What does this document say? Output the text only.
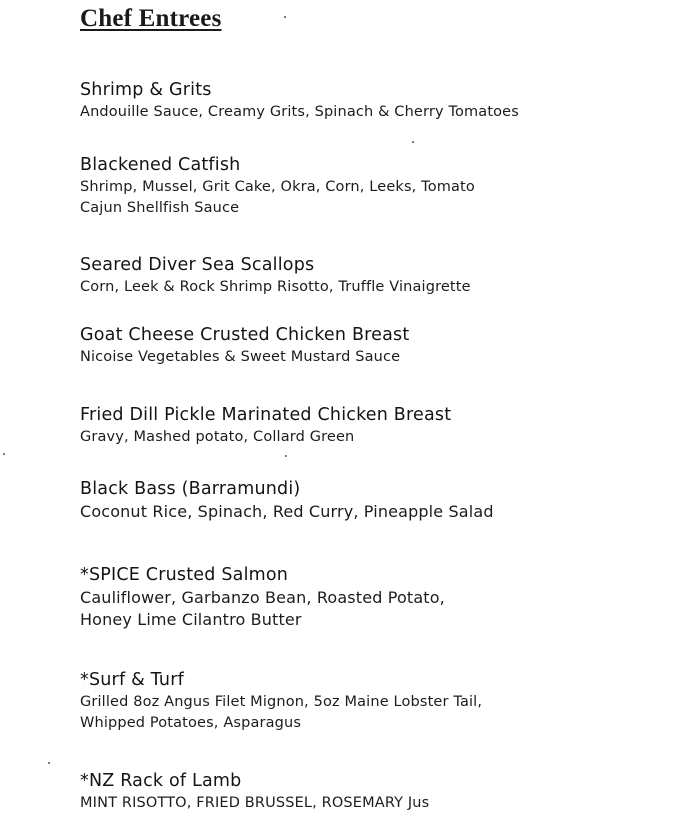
Chef Entrees

Shrimp & Grits

Andouille Sauce, Creamy Grits, Spinach & Cherry Tomatoes

Blackened Catfish

Shrimp, Mussel, Grit Cake, Okra, Corn, Leeks, Tomato

Cajun Shellfish Sauce

Seared Diver Sea Scallops

Corn, Leek & Rock Shrimp Risotto, Truffle Vinaigrette

Goat Cheese Crusted Chicken Breast

Nicoise Vegetables & Sweet Mustard Sauce

Fried Dill Pickle Marinated Chicken Breast

Gravy, Mashed potato, Collard Green

Black Bass (Barramundi)

Coconut Rice, Spinach, Red Curry, Pineapple Salad

*SPICE Crusted Salmon

Cauliflower, Garbanzo Bean, Roasted Potato,

Honey Lime Cilantro Butter

*Surf & Turf

Grilled 8oz Angus Filet Mignon, 5oz Maine Lobster Tail,

Whipped Potatoes, Asparagus

*NZ Rack of Lamb

MINT RISOTTO, FRIED BRUSSEL, ROSEMARY Jus
